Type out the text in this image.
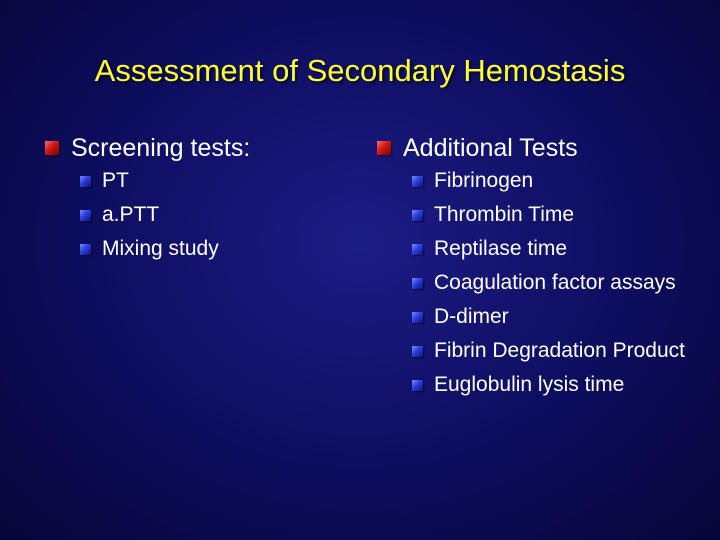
Assessment of Secondary Hemostasis
Screening tests:
PT
a.PTT
Mixing study
Additional Tests
Fibrinogen
Thrombin Time
Reptilase time
Coagulation factor assays
D-dimer
Fibrin Degradation Product
Euglobulin lysis time
